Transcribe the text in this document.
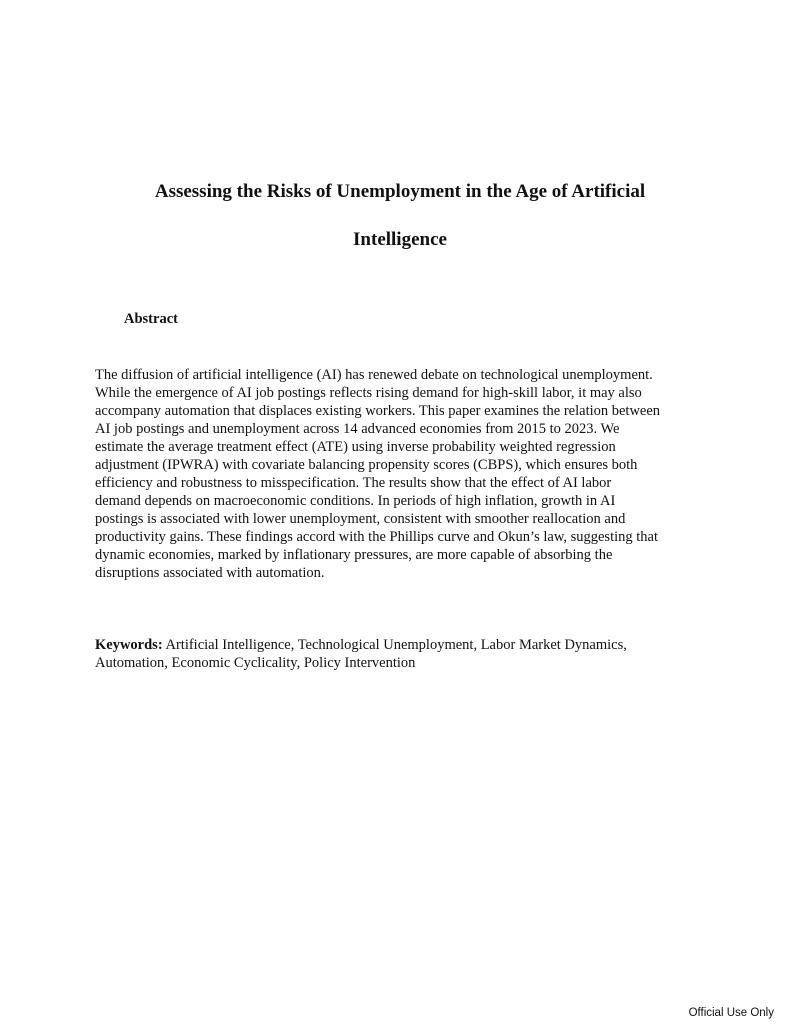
Assessing the Risks of Unemployment in the Age of Artificial
Intelligence
Abstract

The diffusion of artificial intelligence (AI) has renewed debate on technological unemployment.
While the emergence of AI job postings reflects rising demand for high-skill labor, it may also
accompany automation that displaces existing workers. This paper examines the relation between
AI job postings and unemployment across 14 advanced economies from 2015 to 2023. We
estimate the average treatment effect (ATE) using inverse probability weighted regression
adjustment (IPWRA) with covariate balancing propensity scores (CBPS), which ensures both
efficiency and robustness to misspecification. The results show that the effect of AI labor
demand depends on macroeconomic conditions. In periods of high inflation, growth in AI
postings is associated with lower unemployment, consistent with smoother reallocation and
productivity gains. These findings accord with the Phillips curve and Okun’s law, suggesting that
dynamic economies, marked by inflationary pressures, are more capable of absorbing the
disruptions associated with automation.

Keywords: Artificial Intelligence, Technological Unemployment, Labor Market Dynamics,
Automation, Economic Cyclicality, Policy Intervention

Official Use Only
